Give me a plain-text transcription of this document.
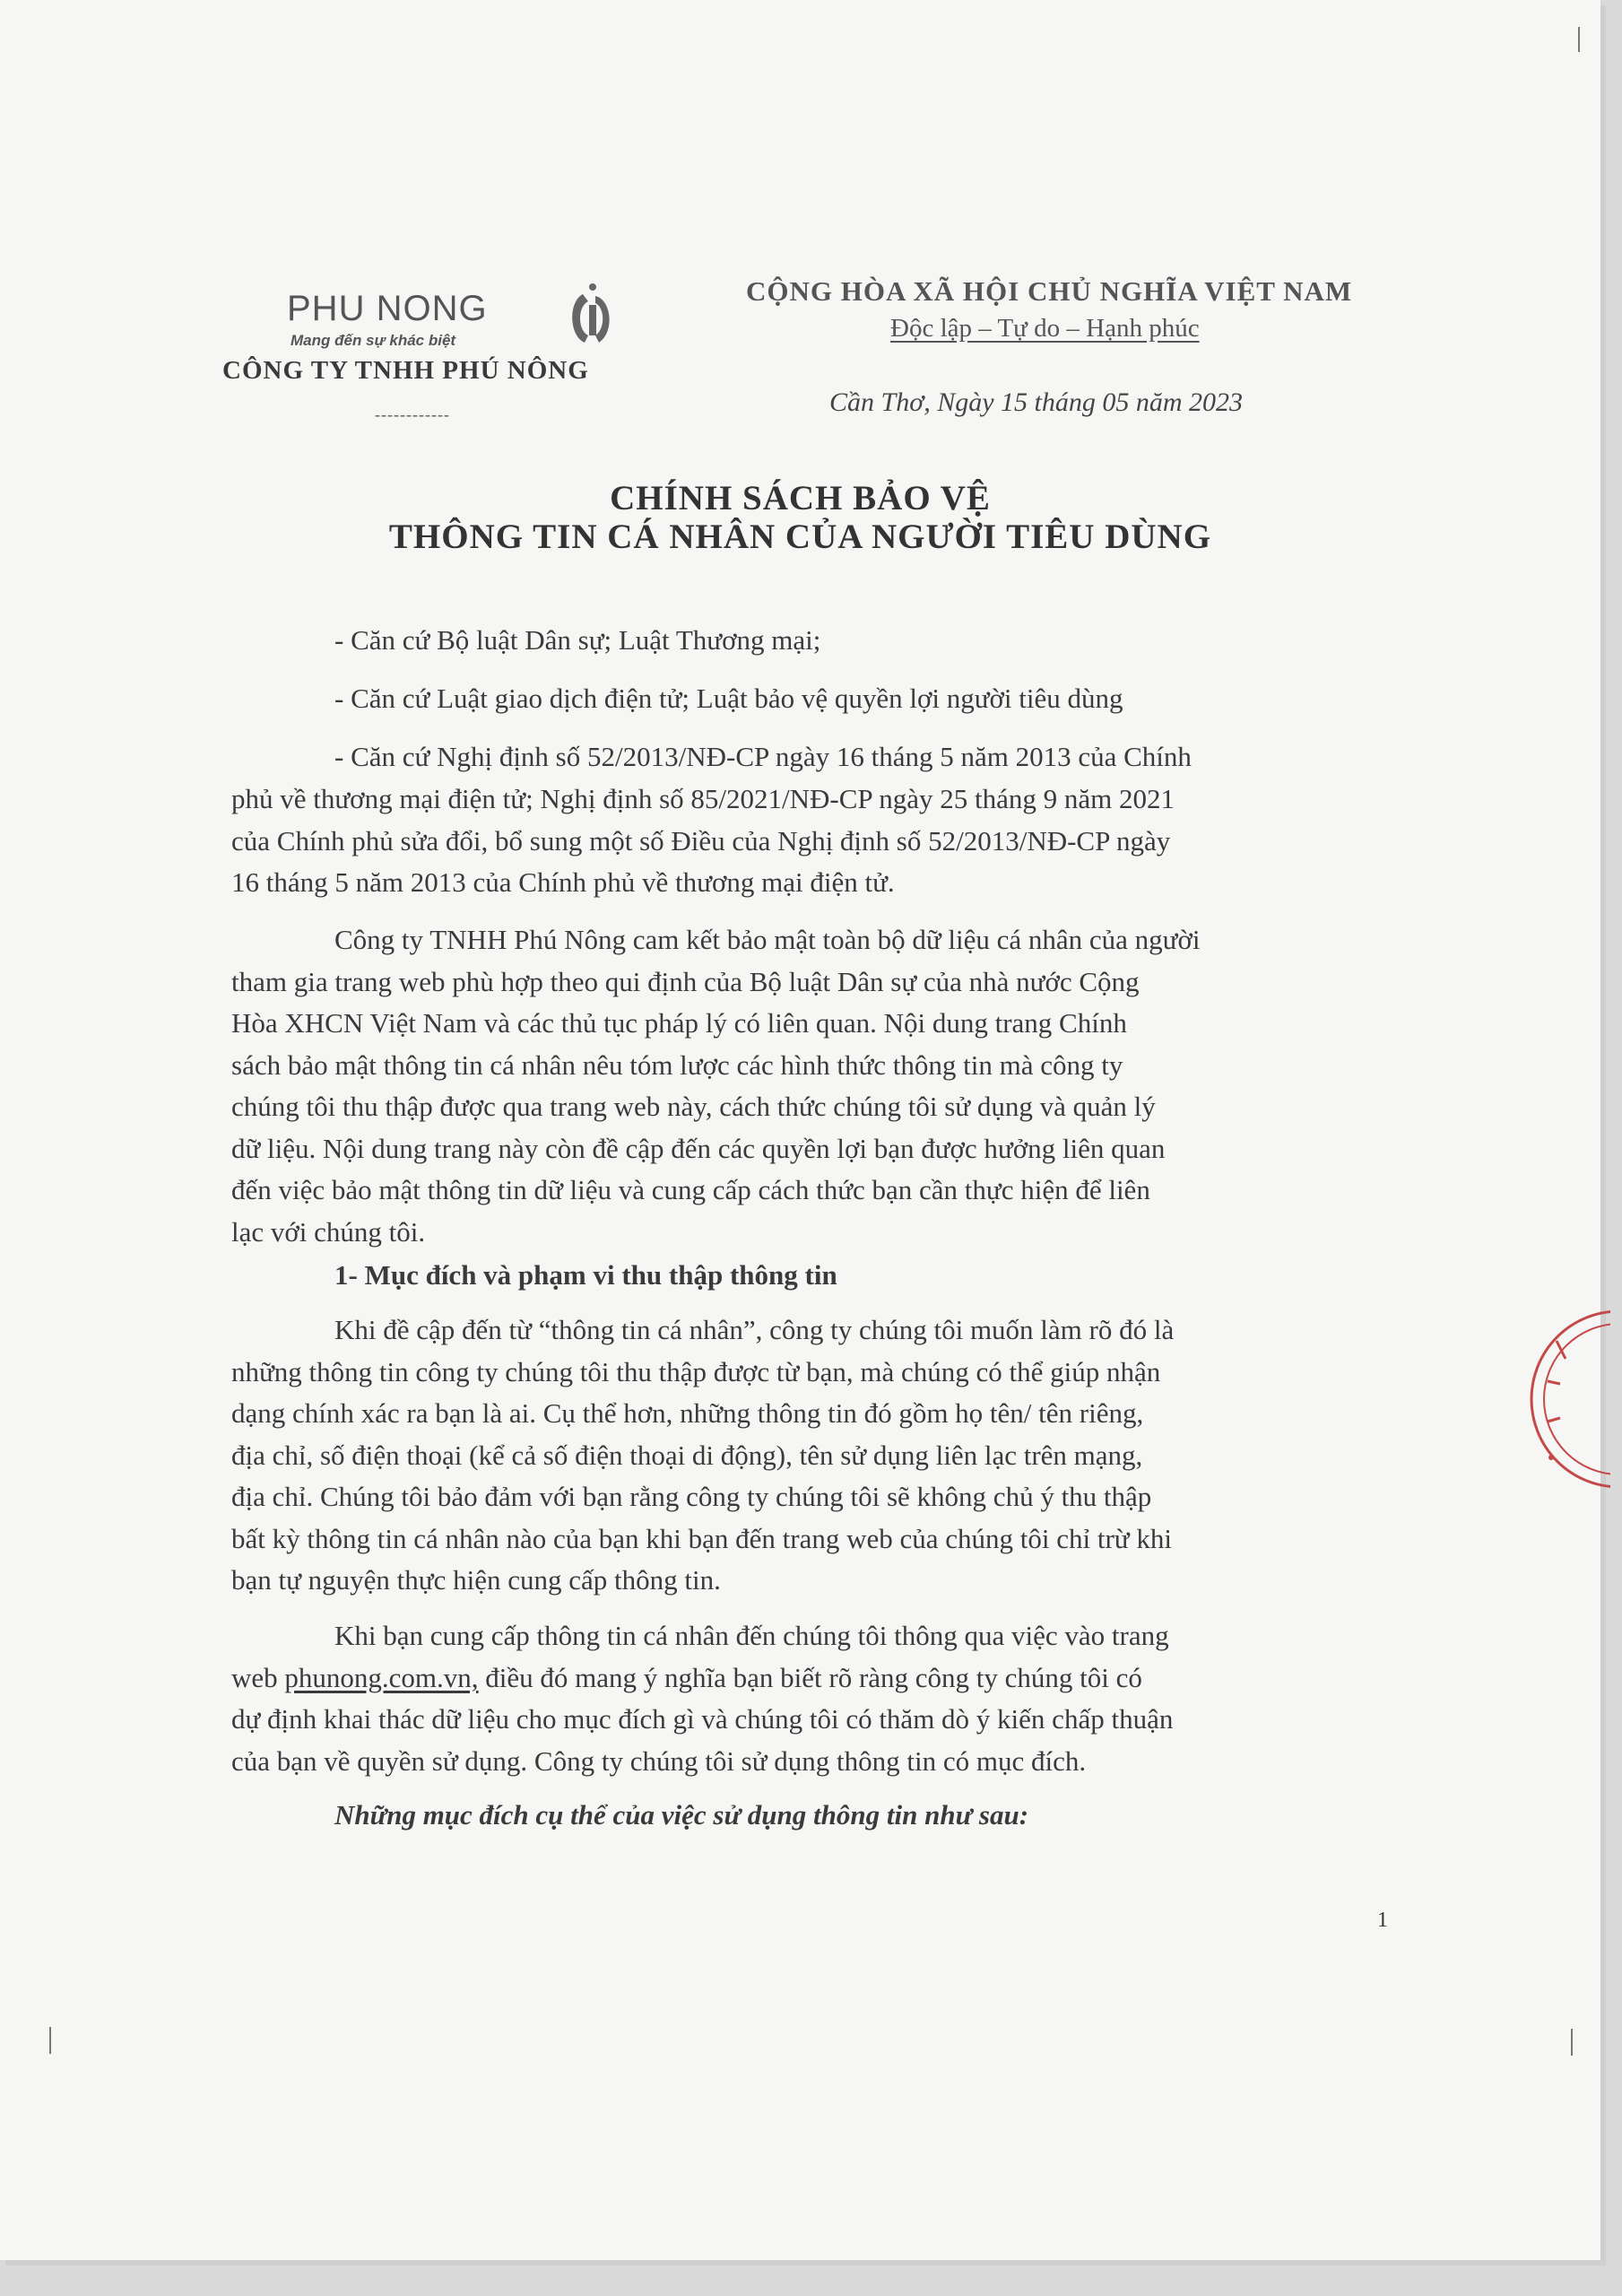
PHU NONG
Mang đến sự khác biệt
CÔNG TY TNHH PHÚ NÔNG
------------
CỘNG HÒA XÃ HỘI CHỦ NGHĨA VIỆT NAM
Độc lập – Tự do – Hạnh phúc
Cần Thơ, Ngày 15 tháng 05 năm 2023
CHÍNH SÁCH BẢO VỆ
THÔNG TIN CÁ NHÂN CỦA NGƯỜI TIÊU DÙNG
- Căn cứ Bộ luật Dân sự; Luật Thương mại;
- Căn cứ Luật giao dịch điện tử; Luật bảo vệ quyền lợi người tiêu dùng
- Căn cứ Nghị định số 52/2013/NĐ-CP ngày 16 tháng 5 năm 2013 của Chính
phủ về thương mại điện tử; Nghị định số 85/2021/NĐ-CP ngày 25 tháng 9 năm 2021
của Chính phủ sửa đổi, bổ sung một số Điều của Nghị định số 52/2013/NĐ-CP ngày
16 tháng 5 năm 2013 của Chính phủ về thương mại điện tử.
Công ty TNHH Phú Nông cam kết bảo mật toàn bộ dữ liệu cá nhân của người
tham gia trang web phù hợp theo qui định của Bộ luật Dân sự của nhà nước Cộng
Hòa XHCN Việt Nam và các thủ tục pháp lý có liên quan. Nội dung trang Chính
sách bảo mật thông tin cá nhân nêu tóm lược các hình thức thông tin mà công ty
chúng tôi thu thập được qua trang web này, cách thức chúng tôi sử dụng và quản lý
dữ liệu. Nội dung trang này còn đề cập đến các quyền lợi bạn được hưởng liên quan
đến việc bảo mật thông tin dữ liệu và cung cấp cách thức bạn cần thực hiện để liên
lạc với chúng tôi.
1- Mục đích và phạm vi thu thập thông tin
Khi đề cập đến từ “thông tin cá nhân”, công ty chúng tôi muốn làm rõ đó là
những thông tin công ty chúng tôi thu thập được từ bạn, mà chúng có thể giúp nhận
dạng chính xác ra bạn là ai. Cụ thể hơn, những thông tin đó gồm họ tên/ tên riêng,
địa chỉ, số điện thoại (kể cả số điện thoại di động), tên sử dụng liên lạc trên mạng,
địa chỉ. Chúng tôi bảo đảm với bạn rằng công ty chúng tôi sẽ không chủ ý thu thập
bất kỳ thông tin cá nhân nào của bạn khi bạn đến trang web của chúng tôi chỉ trừ khi
bạn tự nguyện thực hiện cung cấp thông tin.
Khi bạn cung cấp thông tin cá nhân đến chúng tôi thông qua việc vào trang
web phunong.com.vn, điều đó mang ý nghĩa bạn biết rõ ràng công ty chúng tôi có
dự định khai thác dữ liệu cho mục đích gì và chúng tôi có thăm dò ý kiến chấp thuận
của bạn về quyền sử dụng. Công ty chúng tôi sử dụng thông tin có mục đích.
Những mục đích cụ thể của việc sử dụng thông tin như sau:
1
